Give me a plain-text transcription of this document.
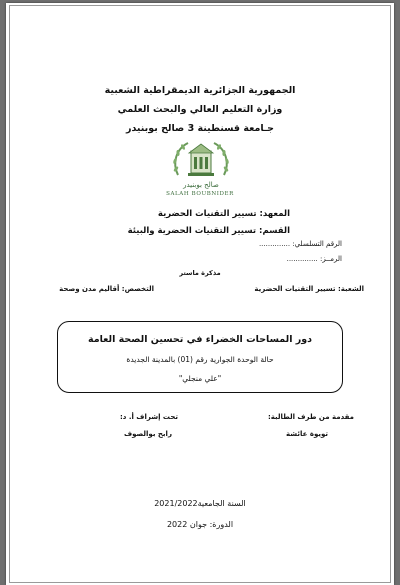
الجمهورية الجزائرية الديمقراطية الشعبية
وزارة التعليم العالي والبحث العلمي
جـامعة قسنطينة 3 صالح بوبنيدر
صالح بوبنيدر
SALAH BOUBNIDER
المعهد: تسيير التقنيات الحضرية
القسم: تسيير التقنيات الحضرية والبيئة
الرقم التسلسلي: ..............
الرمــز: ..............
مذكرة ماستر
الشعبة: تسيير التقنيات الحضرية
التخصص: أقاليم مدن وصحة
دور المساحات الخضراء في تحسين الصحة العامة
حالة الوحدة الجوارية رقم (01) بالمدينة الجديدة
"علي منجلي"
مقدمة من طرف الطالبة:
تويوة عائشة
تحت إشراف أ. د:
رابح بوالصوف
السنة الجامعية2021/2022
الدورة: جوان 2022
